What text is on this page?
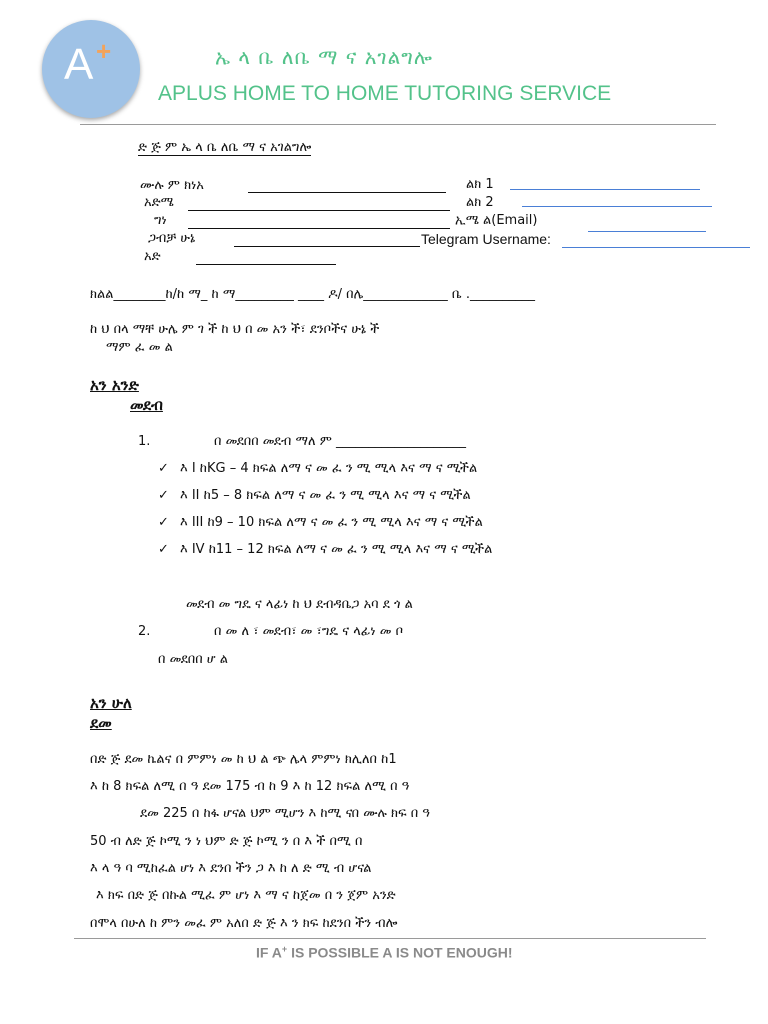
A +	ኤ ላ ቤ ለቤ ማ ና አገልግሎ
APLUS HOME TO HOME TUTORING SERVICE
ድ ጅ ም ኤ ላ ቤ ለቤ ማ ና አገልግሎ
ሙሉ ም ክነአ	ልክ 1
አድሜ	ልክ 2
ግነ	ኢሜ ል(Email)
ጋብቻ ሁኔ	Telegram Username:
አድ
ክልል________ከ/ከ ማ_ ከ ማ_________ ____ ዶ/ በሌ_____________ ቤ .__________
ከ ህ በላ ማቸ ሁሌ ም ገ ች ከ ህ በ መ አን ች፣ ደንቦችና ሁኔ ች
ማም ፈ መ ል
አን አንድ
መደብ
1.	በ መደበበ መደብ ማለ ም ____________________
✓ እ I ከKG – 4 ክፍል ለማ ና መ ፈ ን ሚ ሚላ እና ማ ና ሚችል
✓ እ II ከ5 – 8 ክፍል ለማ ና መ ፈ ን ሚ ሚላ እና ማ ና ሚችል
✓ እ III ከ9 – 10 ክፍል ለማ ና መ ፈ ን ሚ ሚላ እና ማ ና ሚችል
✓ እ IV ከ11 – 12 ክፍል ለማ ና መ ፈ ን ሚ ሚላ እና ማ ና ሚችል
መደብ መ ግዴ ና ላፊነ ከ ህ ደብዳቤጋ አባ ደ ጎ ል
2.	በ መ ለ ፣ መደብ፣ መ ፣ግዴ ና ላፊነ መ ቦ
በ መደበበ ሆ ል
አን ሁለ
ደመ
በድ ጅ ደመ ኬልና በ ምምነ መ ከ ህ ል ጭ ሌላ ምምነ ክሊለበ ከ1
እ ከ 8 ክፍል ለሚ በ ዓ ደመ 175 ብ ከ 9 እ ከ 12 ክፍል ለሚ በ ዓ
ደመ 225 በ ከፋ ሆናል ህም ሚሆን እ ከሚ ናበ ሙሉ ክፍ በ ዓ
50 ብ ለድ ጅ ኮሚ ን ነ ህም ድ ጅ ኮሚ ን በ እ ች በሚ በ
እ ላ ዓ ባ ሚከፈል ሆነ እ ደንበ ችን ጋ እ ከ ለ ድ ሚ ብ ሆናል
እ ክፍ በድ ጅ በኩል ሚፈ ም ሆነ እ ማ ና ከጀመ በ ን ጀም አንድ
በሞላ በሁለ ከ ምን መፈ ም አለበ ድ ጅ እ ን ክፍ ከደንበ ችን ብሎ
IF A+ IS POSSIBLE A IS NOT ENOUGH!
